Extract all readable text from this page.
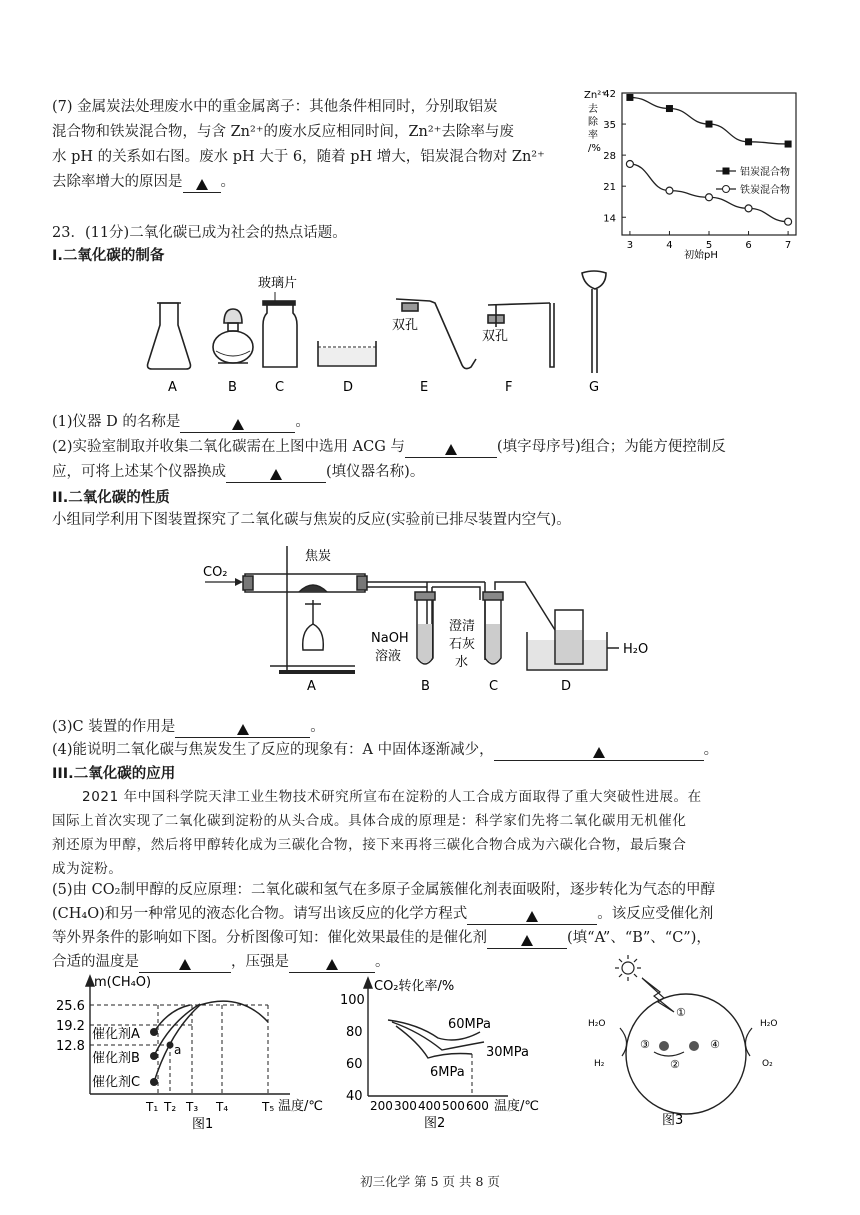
(7) 金属炭法处理废水中的重金属离子：其他条件相同时，分别取铝炭
混合物和铁炭混合物，与含 Zn²⁺的废水反应相同时间，Zn²⁺去除率与废
水 pH 的关系如右图。废水 pH 大于 6，随着 pH 增大，铝炭混合物对 Zn²⁺
去除率增大的原因是	。
14
21
28
35
42
3	4	5	6	7
铝炭混合物
铁炭混合物
Zn²⁺
去
除
率
/%
初始pH
23．(11分)二氧化碳已成为社会的热点话题。
I.二氧化碳的制备
玻璃片
双孔
双孔
A	B	C	D	E	F	G
(1)仪器 D 的名称是	。
(2)实验室制取并收集二氧化碳需在上图中选用 ACG 与	(填字母序号)组合；为能方便控制反
应，可将上述某个仪器换成	(填仪器名称)。
II.二氧化碳的性质
小组同学利用下图装置探究了二氧化碳与焦炭的反应(实验前已排尽装置内空气)。
CO₂
焦炭
NaOH
溶液
澄清
石灰
水
H₂O
A	B	C	D
(3)C 装置的作用是	。
(4)能说明二氧化碳与焦炭发生了反应的现象有：A 中固体逐渐减少，	。
III.二氧化碳的应用
2021 年中国科学院天津工业生物技术研究所宣布在淀粉的人工合成方面取得了重大突破性进展。在
国际上首次实现了二氧化碳到淀粉的从头合成。具体合成的原理是：科学家们先将二氧化碳用无机催化
剂还原为甲醇，然后将甲醇转化成为三碳化合物，接下来再将三碳化合物合成为六碳化合物，最后聚合
成为淀粉。
(5)由 CO₂制甲醇的反应原理：二氧化碳和氢气在多原子金属簇催化剂表面吸附，逐步转化为气态的甲醇
(CH₄O)和另一种常见的液态化合物。请写出该反应的化学方程式	。该反应受催化剂
等外界条件的影响如下图。分析图像可知：催化效果最佳的是催化剂	(填“A”、“B”、“C”)，
合适的温度是	，压强是	。
m(CH₄O)
25.6
19.2
12.8
催化剂A
催化剂B
催化剂C
a
T₁ T₂ T₃ T₄	T₅ 温度/℃
图1
CO₂转化率/%
100
80
60
40
60MPa
30MPa
6MPa
200 300 400 500 600 温度/℃
图2
①
②
③	④
H₂O
H₂
H₂O
O₂
图3
初三化学 第 5 页 共 8 页
